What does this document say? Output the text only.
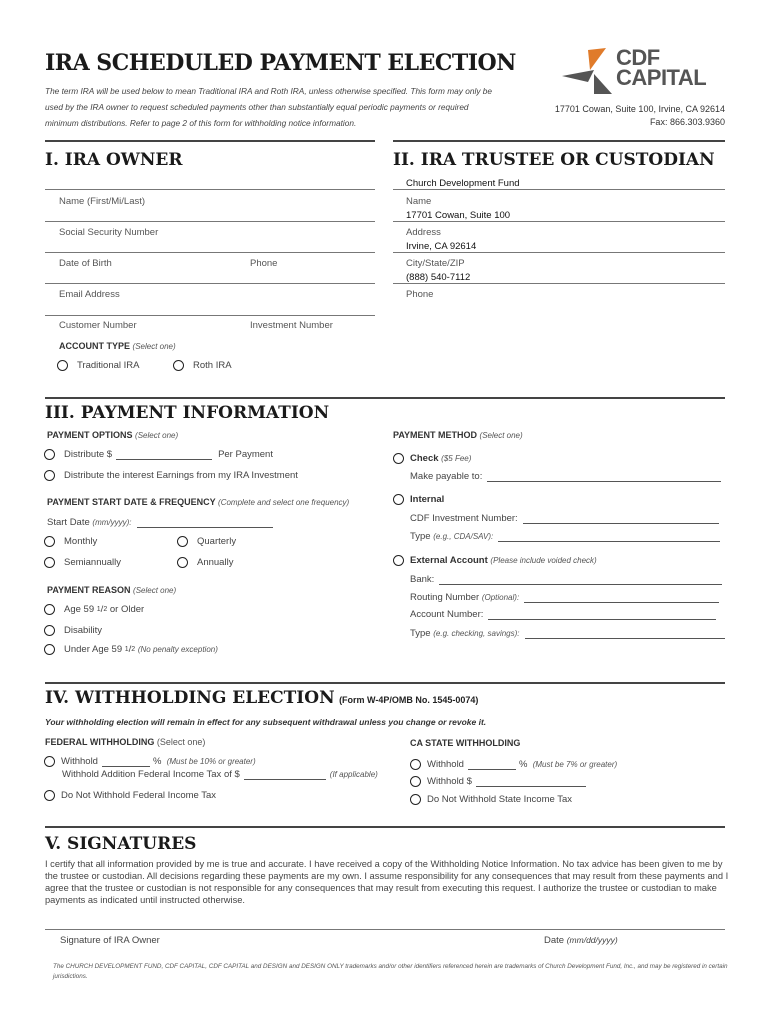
IRA SCHEDULED PAYMENT ELECTION
The term IRA will be used below to mean Traditional IRA and Roth IRA, unless otherwise specified. This form may only be used by the IRA owner to request scheduled payments other than substantially equal periodic payments or required minimum distributions. Refer to page 2 of this form for withholding notice information.
CDF
CAPITAL
17701 Cowan, Suite 100, Irvine, CA 92614
Fax: 866.303.9360
I. IRA OWNER	II. IRA TRUSTEE OR CUSTODIAN
Name (First/Mi/Last)
Social Security Number
Date of Birth	Phone
Email Address
Customer Number	Investment Number
ACCOUNT TYPE (Select one)
Traditional IRA	Roth IRA
Church Development Fund
Name
17701 Cowan, Suite 100
Address
Irvine, CA 92614
City/State/ZIP
(888) 540-7112
Phone
III. PAYMENT INFORMATION
PAYMENT OPTIONS (Select one)
Distribute $	Per Payment
Distribute the interest Earnings from my IRA Investment
PAYMENT START DATE & FREQUENCY (Complete and select one frequency)
Start Date
(mm/yyyy):
Monthly	Quarterly
Semiannually	Annually
PAYMENT REASON (Select one)
Age 59
1 / 2
or Older
Disability
Under Age 59
1 / 2
(No penalty exception)
PAYMENT METHOD (Select one)
Check
($5 Fee)
Make payable to:
Internal
CDF Investment Number:
Type
(e.g., CDA/SAV):
External Account
(Please include voided check)
Bank:
Routing Number
(Optional):
Account Number:
Type
(e.g. checking, savings):
IV. WITHHOLDING ELECTION (Form W-4P/OMB No. 1545-0074)
Your withholding election will remain in effect for any subsequent withdrawal unless you change or revoke it.
FEDERAL WITHHOLDING (Select one)
Withhold	%
(Must be 10% or greater)
Withhold Addition Federal Income Tax of $	(If applicable)
Do Not Withhold Federal Income Tax
CA STATE WITHHOLDING
Withhold	%
(Must be 7% or greater)
Withhold $
Do Not Withhold State Income Tax
V. SIGNATURES
I certify that all information provided by me is true and accurate. I have received a copy of the Withholding Notice Information. No tax advice has been given to me by the trustee or custodian. All decisions regarding these payments are my own. I assume responsibility for any consequences that may result from these payments and I agree that the trustee or custodian is not responsible for any consequences that may result from executing this request. I authorize the trustee or custodian to make payments as indicated until instructed otherwise.
Signature of IRA Owner	Date (mm/dd/yyyy)
The CHURCH DEVELOPMENT FUND, CDF CAPITAL, CDF CAPITAL and DESIGN and DESIGN ONLY trademarks and/or other identifiers referenced herein are trademarks of Church Development Fund, Inc., and may be registered in certain jurisdictions.
